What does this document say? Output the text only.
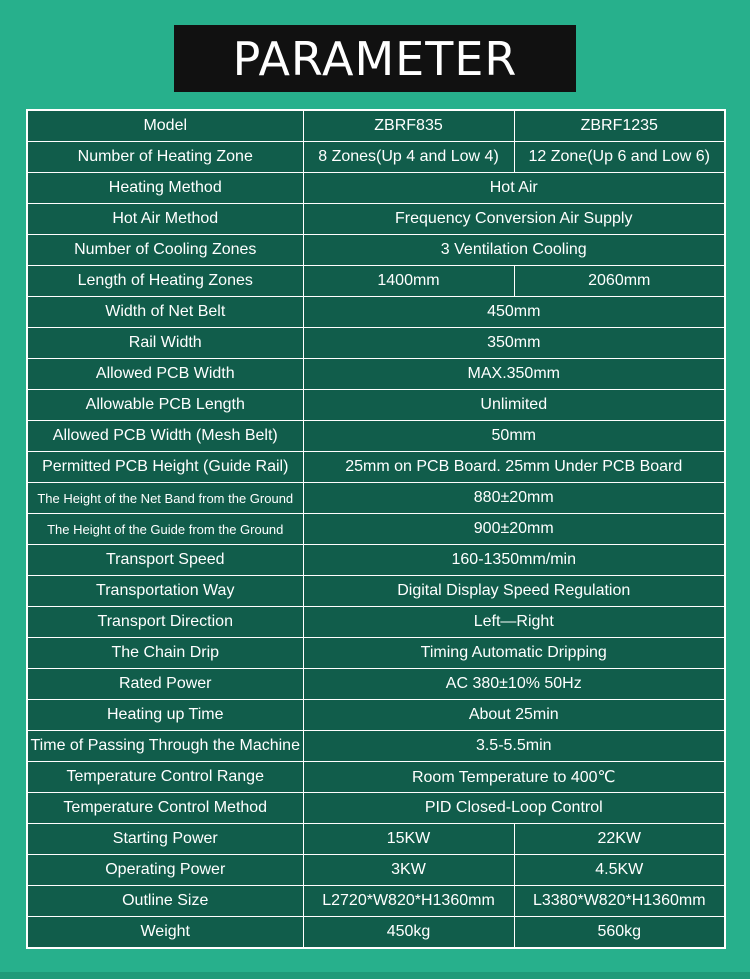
PARAMETER
Model	ZBRF835	ZBRF1235
Number of Heating Zone	8 Zones(Up 4 and Low 4)	12 Zone(Up 6 and Low 6)
Heating Method	Hot Air	
Hot Air Method	Frequency Conversion Air Supply	
Number of Cooling Zones	3 Ventilation Cooling	
Length of Heating Zones	1400mm	2060mm
Width of Net Belt	450mm	
Rail Width	350mm	
Allowed PCB Width	MAX.350mm	
Allowable PCB Length	Unlimited	
Allowed PCB Width (Mesh Belt)	50mm	
Permitted PCB Height (Guide Rail)	25mm on PCB Board. 25mm Under PCB Board	
The Height of the Net Band from the Ground	880±20mm	
The Height of the Guide from the Ground	900±20mm	
Transport Speed	160-1350mm/min	
Transportation Way	Digital Display Speed Regulation	
Transport Direction	Left—Right	
The Chain Drip	Timing Automatic Dripping	
Rated Power	AC 380±10% 50Hz	
Heating up Time	About 25min	
Time of Passing Through the Machine	3.5-5.5min	
Temperature Control Range	Room Temperature to 400℃	
Temperature Control Method	PID Closed-Loop Control	
Starting Power	15KW	22KW
Operating Power	3KW	4.5KW
Outline Size	L2720*W820*H1360mm	L3380*W820*H1360mm
Weight	450kg	560kg
